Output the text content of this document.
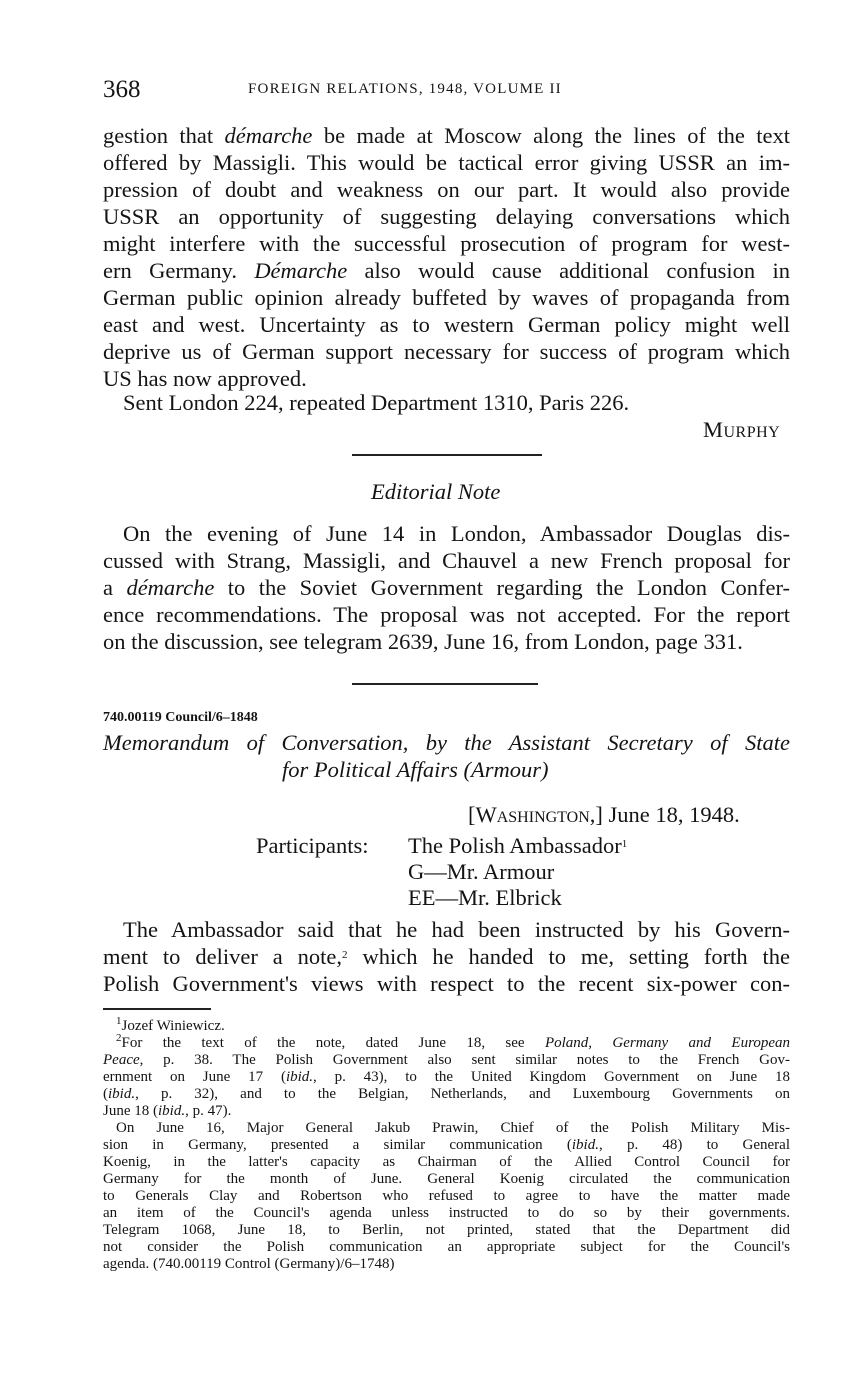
368	FOREIGN RELATIONS, 1948, VOLUME II
gestion that démarche be made at Moscow along the lines of the text
offered by Massigli. This would be tactical error giving USSR an im-
pression of doubt and weakness on our part. It would also provide
USSR an opportunity of suggesting delaying conversations which
might interfere with the successful prosecution of program for west-
ern Germany. Démarche also would cause additional confusion in
German public opinion already buffeted by waves of propaganda from
east and west. Uncertainty as to western German policy might well
deprive us of German support necessary for success of program which
US has now approved.
Sent London 224, repeated Department 1310, Paris 226.
Murphy
Editorial Note
On the evening of June 14 in London, Ambassador Douglas dis-
cussed with Strang, Massigli, and Chauvel a new French proposal for
a démarche to the Soviet Government regarding the London Confer-
ence recommendations. The proposal was not accepted. For the report
on the discussion, see telegram 2639, June 16, from London, page 331.
740.00119 Council/6–1848
Memorandum of Conversation, by the Assistant Secretary of State
for Political Affairs (Armour)
[Washington,] June 18, 1948.
Participants: The Polish Ambassador$^1$
G—Mr. Armour
EE—Mr. Elbrick
The Ambassador said that he had been instructed by his Govern-
ment to deliver a note,$^2$ which he handed to me, setting forth the
Polish Government's views with respect to the recent six-power con-
$^1$Jozef Winiewicz.
$^2$For the text of the note, dated June 18, see Poland, Germany and European
Peace, p. 38. The Polish Government also sent similar notes to the French Gov-
ernment on June 17 (ibid., p. 43), to the United Kingdom Government on June 18
(ibid., p. 32), and to the Belgian, Netherlands, and Luxembourg Governments on
June 18 (ibid., p. 47).
On June 16, Major General Jakub Prawin, Chief of the Polish Military Mis-
sion in Germany, presented a similar communication (ibid., p. 48) to General
Koenig, in the latter's capacity as Chairman of the Allied Control Council for
Germany for the month of June. General Koenig circulated the communication
to Generals Clay and Robertson who refused to agree to have the matter made
an item of the Council's agenda unless instructed to do so by their governments.
Telegram 1068, June 18, to Berlin, not printed, stated that the Department did
not consider the Polish communication an appropriate subject for the Council's
agenda. (740.00119 Control (Germany)/6–1748)
